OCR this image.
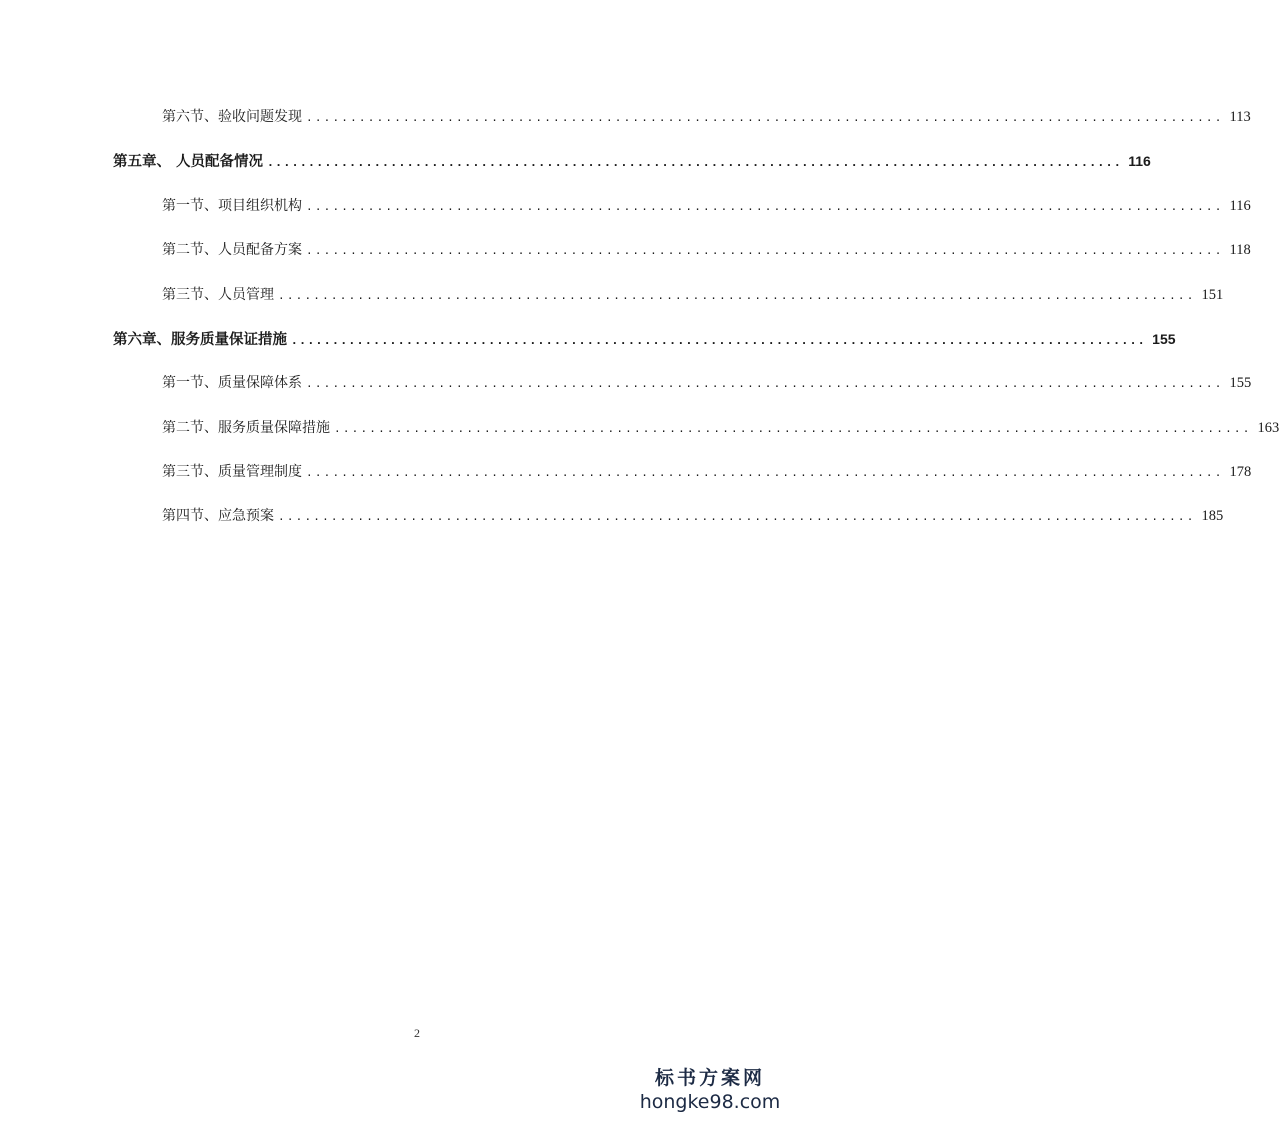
第六节、验收问题发现 ........................................................................................................ 113
第五章、 人员配备情况 ........................................................................................................ 116
第一节、项目组织机构 ........................................................................................................ 116
第二节、人员配备方案 ........................................................................................................ 118
第三节、人员管理 ........................................................................................................ 151
第六章、服务质量保证措施 ........................................................................................................ 155
第一节、质量保障体系 ........................................................................................................ 155
第二节、服务质量保障措施 ........................................................................................................ 163
第三节、质量管理制度 ........................................................................................................ 178
第四节、应急预案 ........................................................................................................ 185
2
标书方案网
hongke98.com
